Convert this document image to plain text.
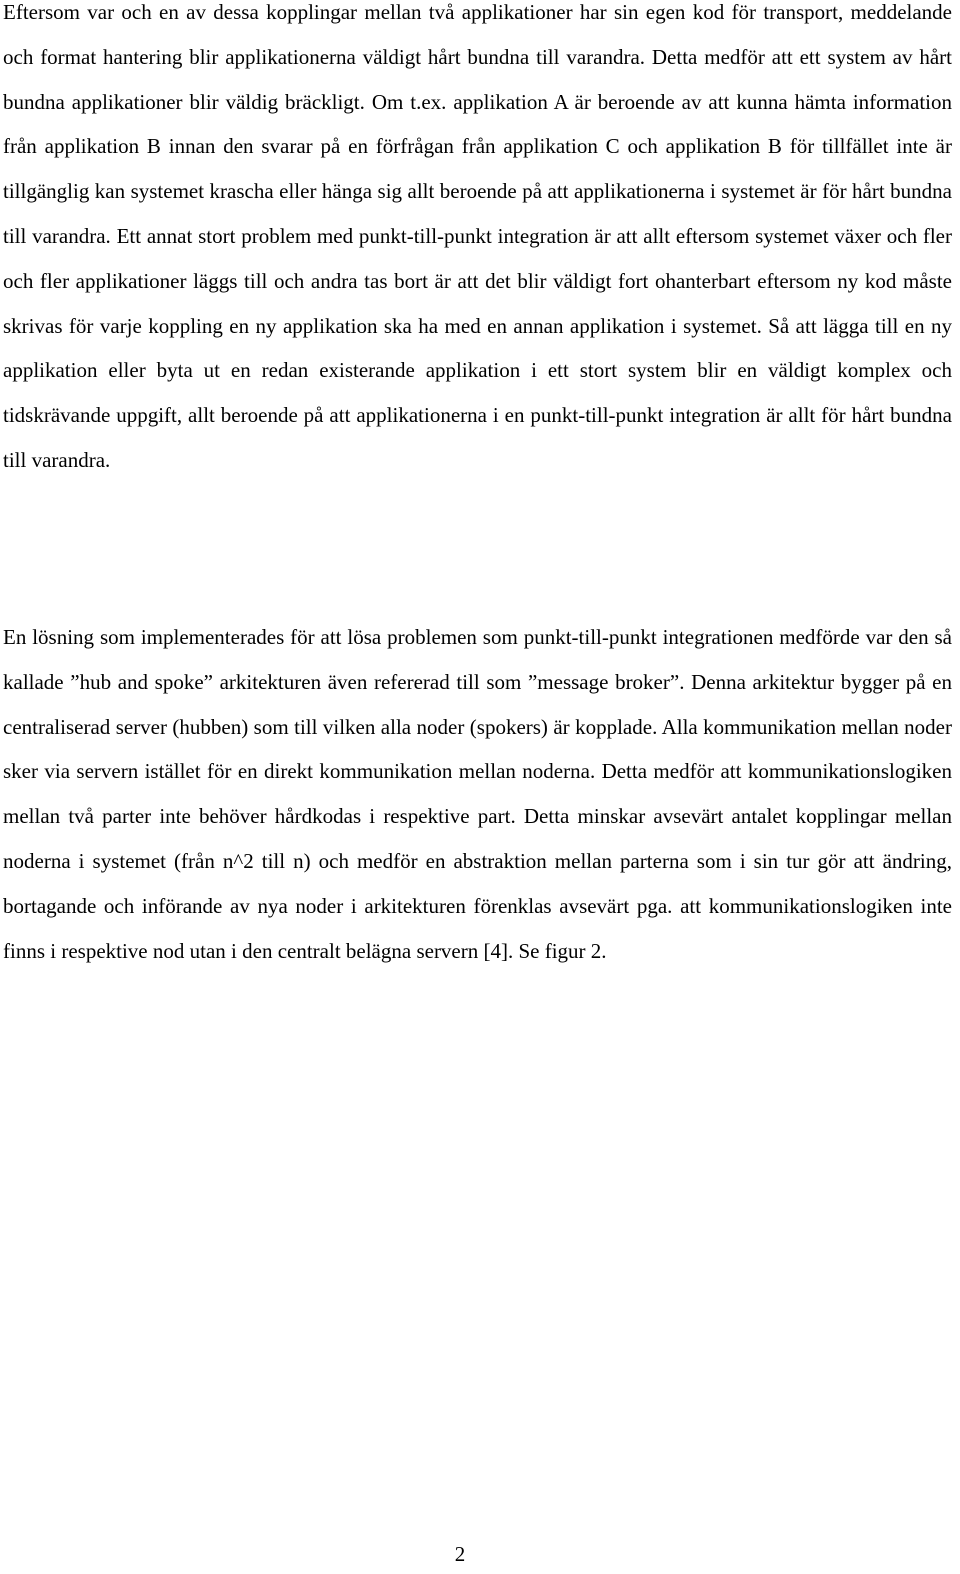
Eftersom var och en av dessa kopplingar mellan två applikationer har sin egen kod för transport, meddelande och format hantering blir applikationerna väldigt hårt bundna till varandra. Detta medför att ett system av hårt bundna applikationer blir väldig bräckligt. Om t.ex. applikation A är beroende av att kunna hämta information från applikation B innan den svarar på en förfrågan från applikation C och applikation B för tillfället inte är tillgänglig kan systemet krascha eller hänga sig allt beroende på att applikationerna i systemet är för hårt bundna till varandra. Ett annat stort problem med punkt-till-punkt integration är att allt eftersom systemet växer och fler och fler applikationer läggs till och andra tas bort är att det blir väldigt fort ohanterbart eftersom ny kod måste skrivas för varje koppling en ny applikation ska ha med en annan applikation i systemet. Så att lägga till en ny applikation eller byta ut en redan existerande applikation i ett stort system blir en väldigt komplex och tidskrävande uppgift, allt beroende på att applikationerna i en punkt-till-punkt integration är allt för hårt bundna till varandra.

En lösning som implementerades för att lösa problemen som punkt-till-punkt integrationen medförde var den så kallade ”hub and spoke” arkitekturen även refererad till som ”message broker”. Denna arkitektur bygger på en centraliserad server (hubben) som till vilken alla noder (spokers) är kopplade. Alla kommunikation mellan noder sker via servern istället för en direkt kommunikation mellan noderna. Detta medför att kommunikationslogiken mellan två parter inte behöver hårdkodas i respektive part. Detta minskar avsevärt antalet kopplingar mellan noderna i systemet (från n^2 till n) och medför en abstraktion mellan parterna som i sin tur gör att ändring, bortagande och införande av nya noder i arkitekturen förenklas avsevärt pga. att kommunikationslogiken inte finns i respektive nod utan i den centralt belägna servern [4]. Se figur 2.

2
